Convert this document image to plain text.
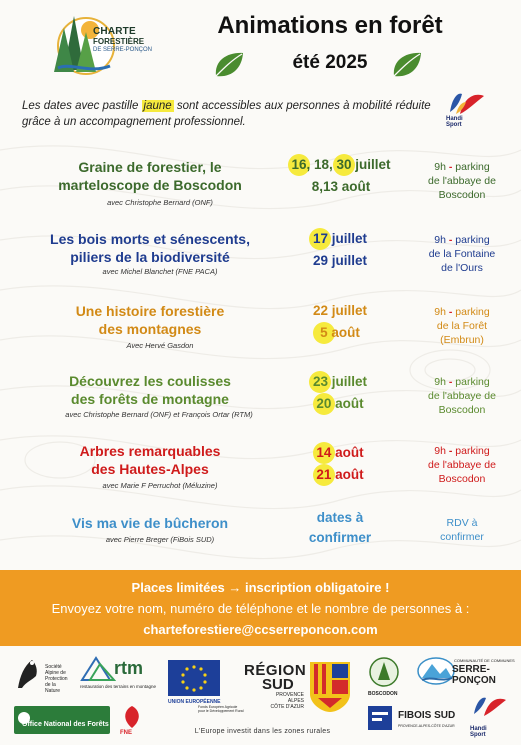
CHARTE
FORESTIÈRE
DE SERRE-PONÇON
Animations en forêt
été 2025
Les dates avec pastille jaune sont accessibles aux personnes à mobilité réduite grâce à un accompagnement professionnel.	Handi
Sport
Graine de forestier, le
marteloscope de Boscodon
avec Christophe Bernard (ONF)
16, 18, 30 juillet
8,13 août
9h - parking
de l'abbaye de
Boscodon
Les bois morts et sénescents,
piliers de la biodiversité
avec Michel Blanchet (FNE PACA)
17 juillet
29 juillet
9h - parking
de la Fontaine
de l'Ours
Une histoire forestière
des montagnes
Avec Hervé Gasdon
22 juillet
5 août
9h - parking
de la Forêt
(Embrun)
Découvrez les coulisses
des forêts de montagne
avec Christophe Bernard (ONF) et François Ortar (RTM)
23 juillet
20 août
9h - parking
de l'abbaye de
Boscodon
Arbres remarquables
des Hautes-Alpes
avec Marie F Perruchot (Méluzine)
14 août
21 août
9h - parking
de l'abbaye de
Boscodon
Vis ma vie de bûcheron
avec Pierre Breger (FiBois SUD)
dates à
confirmer
RDV à
confirmer
Places limitées → inscription obligatoire !
Envoyez votre nom, numéro de téléphone et le nombre de personnes à :
charteforestiere@ccserreponcon.com
Société
Alpine de
Protection
de la
Nature
rtm
restauration des terrains en montagne
UNION EUROPÉENNE
Fonds Européen Agricole
pour le Développement Rural
RÉGION
SUD
PROVENCE
ALPES
CÔTE D'AZUR
BOSCODON
COMMUNAUTÉ DE COMMUNES
SERRE-PONÇON
Office National des Forêts
FNE
FIBOIS SUD
PROVENCE-ALPES-CÔTE D'AZUR	Handi
Sport
L'Europe investit dans les zones rurales
